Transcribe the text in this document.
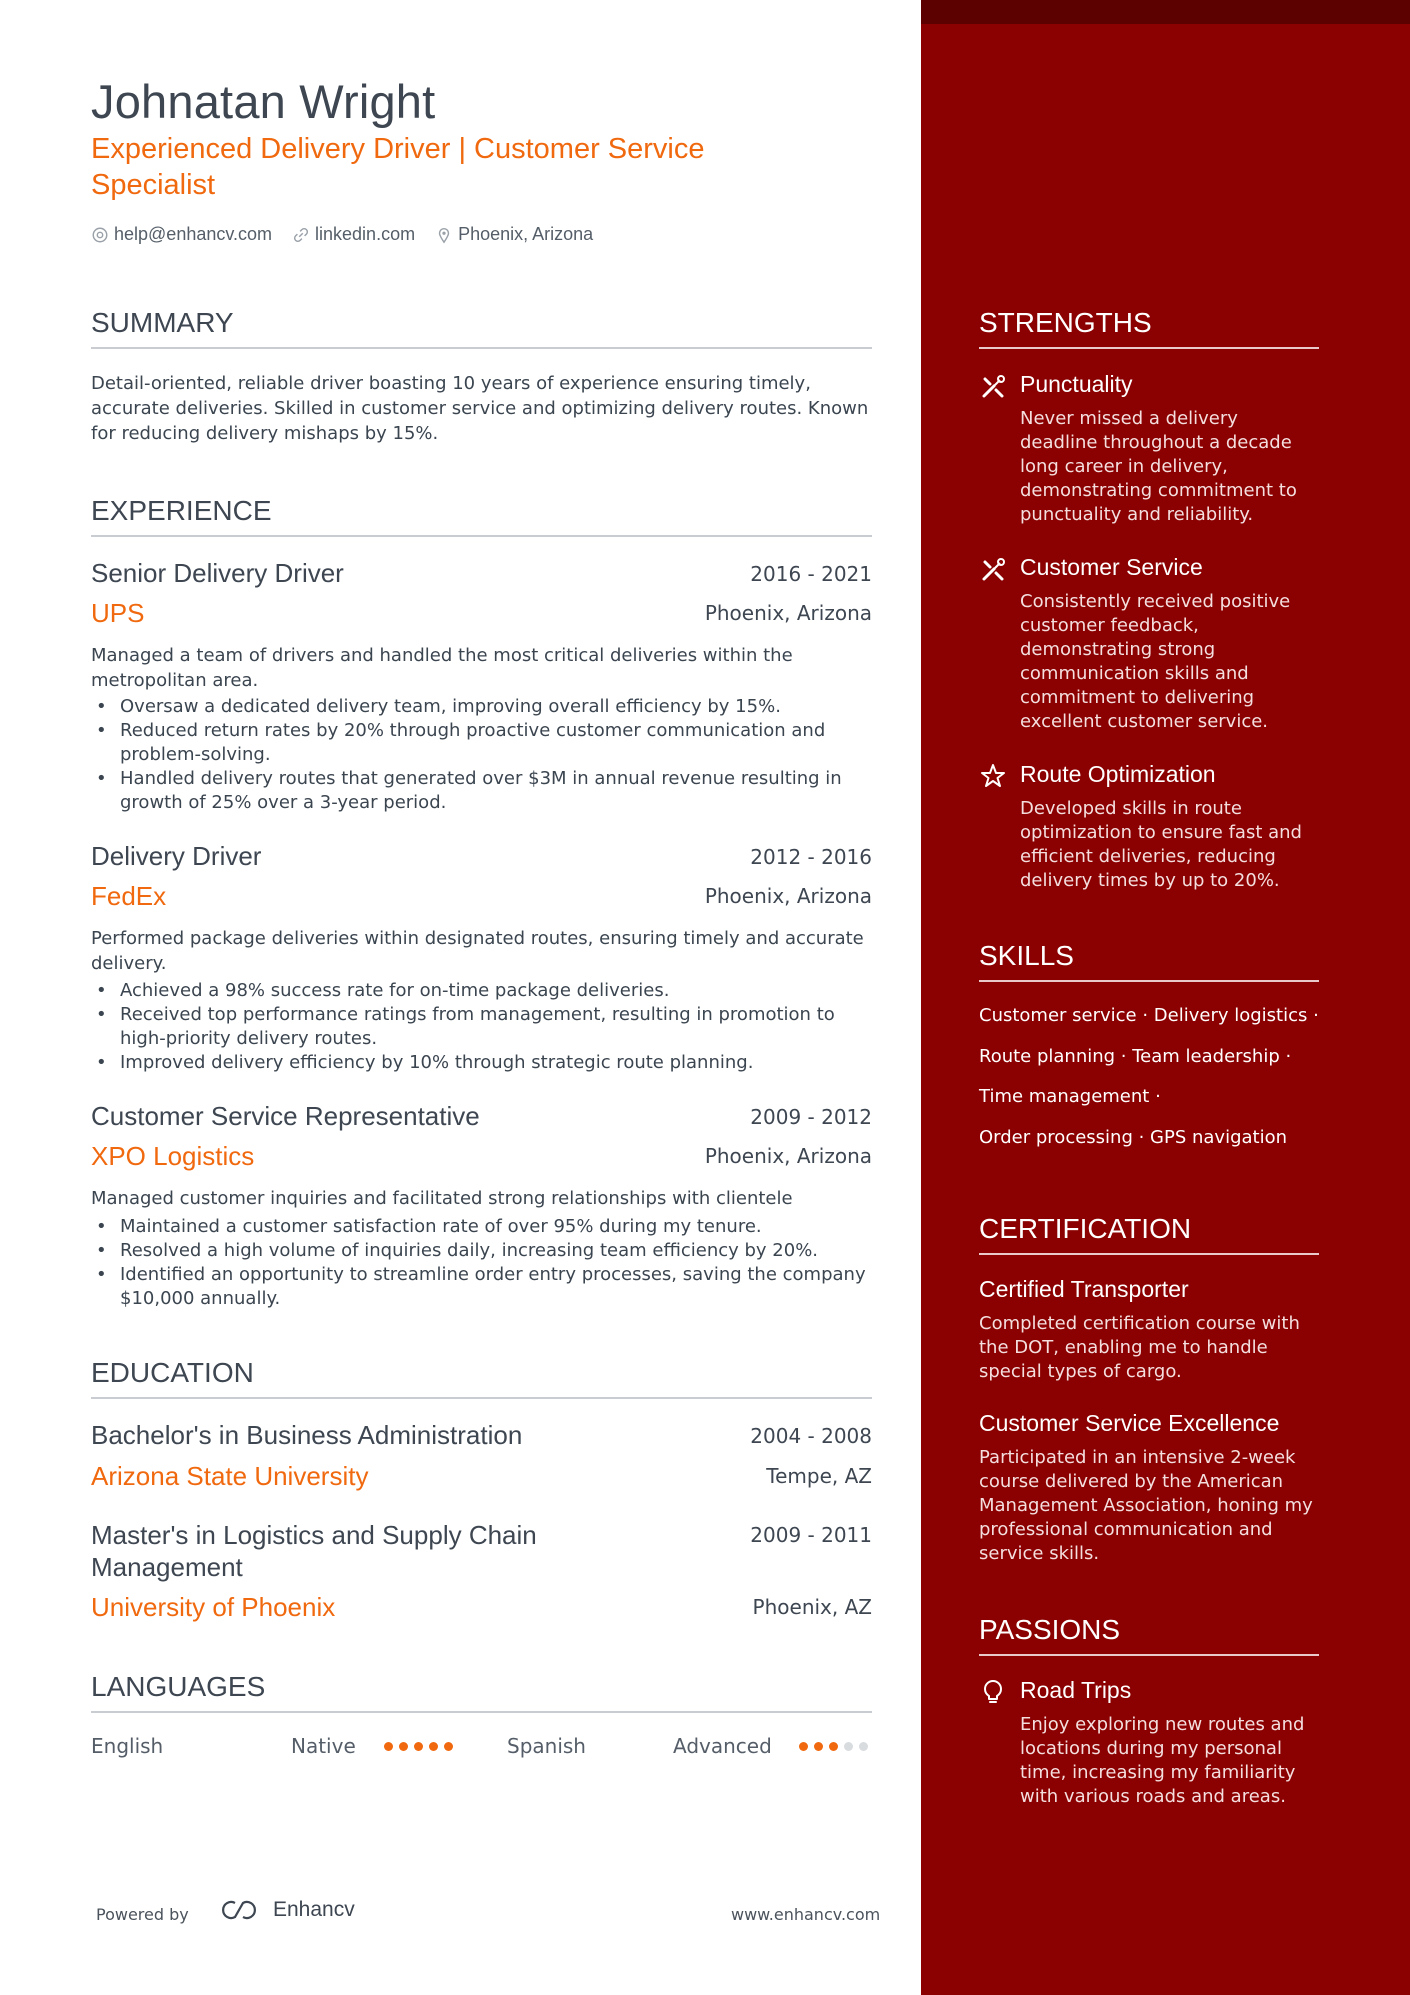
Johnatan Wright
Experienced Delivery Driver | Customer Service Specialist
help@enhancv.com linkedin.com Phoenix, Arizona
SUMMARY
Detail-oriented, reliable driver boasting 10 years of experience ensuring timely, accurate deliveries. Skilled in customer service and optimizing delivery routes. Known for reducing delivery mishaps by 15%.
EXPERIENCE
Senior Delivery Driver	2016 - 2021
UPS	Phoenix, Arizona
Managed a team of drivers and handled the most critical deliveries within the metropolitan area.
• Oversaw a dedicated delivery team, improving overall efficiency by 15%.
• Reduced return rates by 20% through proactive customer communication and problem-solving.
• Handled delivery routes that generated over $3M in annual revenue resulting in growth of 25% over a 3-year period.
Delivery Driver	2012 - 2016
FedEx	Phoenix, Arizona
Performed package deliveries within designated routes, ensuring timely and accurate delivery.
• Achieved a 98% success rate for on-time package deliveries.
• Received top performance ratings from management, resulting in promotion to high-priority delivery routes.
• Improved delivery efficiency by 10% through strategic route planning.
Customer Service Representative	2009 - 2012
XPO Logistics	Phoenix, Arizona
Managed customer inquiries and facilitated strong relationships with clientele
• Maintained a customer satisfaction rate of over 95% during my tenure.
• Resolved a high volume of inquiries daily, increasing team efficiency by 20%.
• Identified an opportunity to streamline order entry processes, saving the company $10,000 annually.
EDUCATION
Bachelor's in Business Administration	2004 - 2008
Arizona State University	Tempe, AZ
Master's in Logistics and Supply Chain Management
2009 - 2011
University of Phoenix	Phoenix, AZ
LANGUAGES
English	Native	Spanish	Advanced
Powered by	Enhancv	www.enhancv.com
STRENGTHS
Punctuality
Never missed a delivery deadline throughout a decade long career in delivery, demonstrating commitment to punctuality and reliability.
Customer Service
Consistently received positive customer feedback, demonstrating strong communication skills and commitment to delivering excellent customer service.
Route Optimization
Developed skills in route optimization to ensure fast and efficient deliveries, reducing delivery times by up to 20%.
SKILLS
Customer service · Delivery logistics ·
Route planning · Team leadership ·
Time management ·
Order processing · GPS navigation
CERTIFICATION
Certified Transporter
Completed certification course with the DOT, enabling me to handle special types of cargo.
Customer Service Excellence
Participated in an intensive 2-week course delivered by the American Management Association, honing my professional communication and service skills.
PASSIONS
Road Trips
Enjoy exploring new routes and locations during my personal time, increasing my familiarity with various roads and areas.
